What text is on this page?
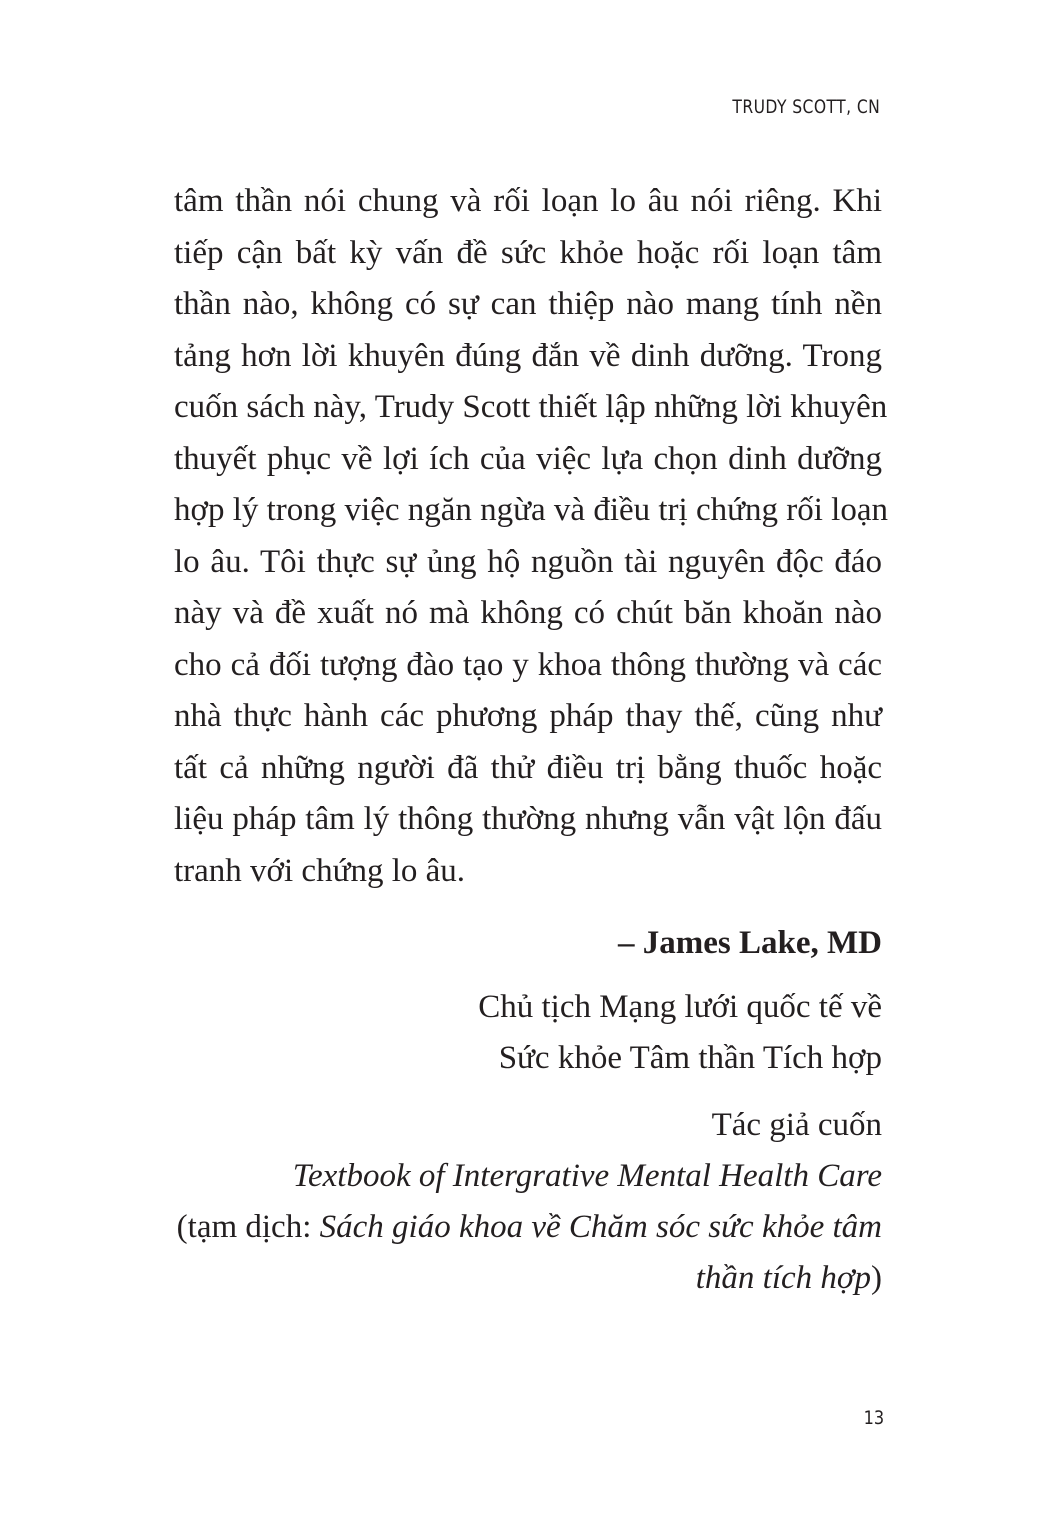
TRUDY SCOTT, CN
tâm thần nói chung và rối loạn lo âu nói riêng. Khi
tiếp cận bất kỳ vấn đề sức khỏe hoặc rối loạn tâm
thần nào, không có sự can thiệp nào mang tính nền
tảng hơn lời khuyên đúng đắn về dinh dưỡng. Trong
cuốn sách này, Trudy Scott thiết lập những lời khuyên
thuyết phục về lợi ích của việc lựa chọn dinh dưỡng
hợp lý trong việc ngăn ngừa và điều trị chứng rối loạn
lo âu. Tôi thực sự ủng hộ nguồn tài nguyên độc đáo
này và đề xuất nó mà không có chút băn khoăn nào
cho cả đối tượng đào tạo y khoa thông thường và các
nhà thực hành các phương pháp thay thế, cũng như
tất cả những người đã thử điều trị bằng thuốc hoặc
liệu pháp tâm lý thông thường nhưng vẫn vật lộn đấu
tranh với chứng lo âu.
– James Lake, MD
Chủ tịch Mạng lưới quốc tế về
Sức khỏe Tâm thần Tích hợp
Tác giả cuốn
Textbook of Intergrative Mental Health Care
(tạm dịch: Sách giáo khoa về Chăm sóc sức khỏe tâm
thần tích hợp)
13
